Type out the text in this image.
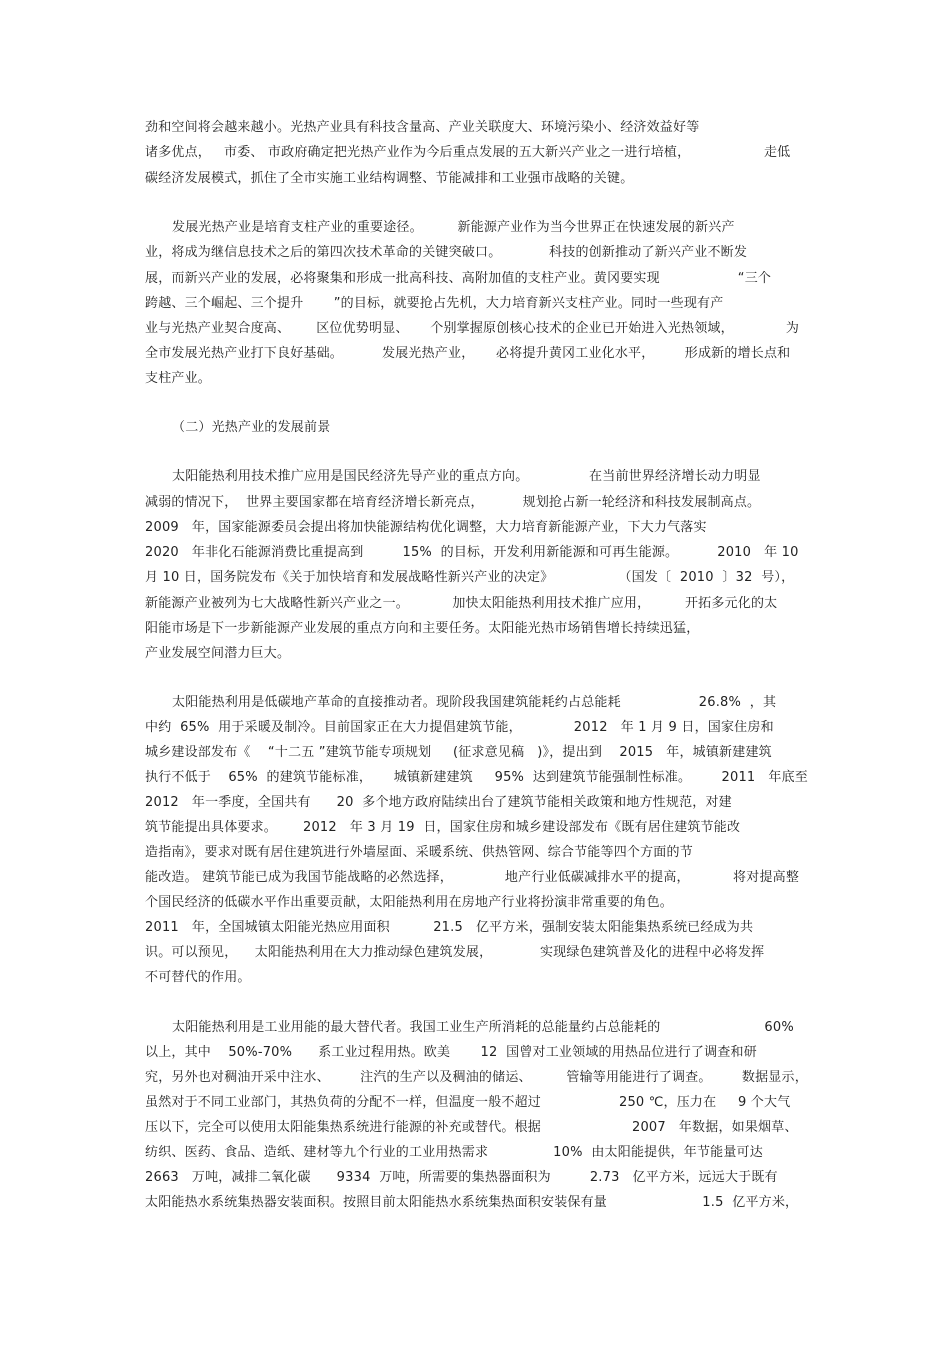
劲和空间将会越来越小。光热产业具有科技含量高、产业关联度大、环境污染小、经济效益好等
诸多优点，   市委、 市政府确定把光热产业作为今后重点发展的五大新兴产业之一进行培植，                 走低
碳经济发展模式，抓住了全市实施工业结构调整、节能减排和工业强市战略的关键。
发展光热产业是培育支柱产业的重要途径。        新能源产业作为当今世界正在快速发展的新兴产
业，将成为继信息技术之后的第四次技术革命的关键突破口。           科技的创新推动了新兴产业不断发
展，而新兴产业的发展，必将聚集和形成一批高科技、高附加值的支柱产业。黄冈要实现                  “三个
跨越、三个崛起、三个提升       ”的目标，就要抢占先机，大力培育新兴支柱产业。同时一些现有产
业与光热产业契合度高、      区位优势明显、     个别掌握原创核心技术的企业已开始进入光热领域，            为
全市发展光热产业打下良好基础。         发展光热产业，     必将提升黄冈工业化水平，       形成新的增长点和
支柱产业。
（二）光热产业的发展前景
太阳能热利用技术推广应用是国民经济先导产业的重点方向。              在当前世界经济增长动力明显
减弱的情况下，  世界主要国家都在培育经济增长新亮点，         规划抢占新一轮经济和科技发展制高点。
2009   年，国家能源委员会提出将加快能源结构优化调整，大力培育新能源产业，下大力气落实
2020   年非化石能源消费比重提高到         15%  的目标，开发利用新能源和可再生能源。         2010   年 10
月 10 日，国务院发布《关于加快培育和发展战略性新兴产业的决定》               （国发〔  2010  〕32  号），
新能源产业被列为七大战略性新兴产业之一。          加快太阳能热利用技术推广应用，        开拓多元化的太
阳能市场是下一步新能源产业发展的重点方向和主要任务。太阳能光热市场销售增长持续迅猛，
产业发展空间潜力巨大。
太阳能热利用是低碳地产革命的直接推动者。现阶段我国建筑能耗约占总能耗                  26.8%  ，其
中约  65%  用于采暖及制冷。目前国家正在大力提倡建筑节能，            2012   年 1 月 9 日，国家住房和
城乡建设部发布《    “十二五 ”建筑节能专项规划     (征求意见稿   )》，提出到    2015   年，城镇新建建筑
执行不低于    65%  的建筑节能标准，     城镇新建建筑     95%  达到建筑节能强制性标准。       2011   年底至
2012   年一季度，全国共有      20  多个地方政府陆续出台了建筑节能相关政策和地方性规范，对建
筑节能提出具体要求。      2012   年 3 月 19  日，国家住房和城乡建设部发布《既有居住建筑节能改
造指南》，要求对既有居住建筑进行外墙屋面、采暖系统、供热管网、综合节能等四个方面的节
能改造。 建筑节能已成为我国节能战略的必然选择，            地产行业低碳减排水平的提高，          将对提高整
个国民经济的低碳水平作出重要贡献，太阳能热利用在房地产行业将扮演非常重要的角色。
2011   年，全国城镇太阳能光热应用面积          21.5   亿平方米，强制安装太阳能集热系统已经成为共
识。可以预见，    太阳能热利用在大力推动绿色建筑发展，           实现绿色建筑普及化的进程中必将发挥
不可替代的作用。
太阳能热利用是工业用能的最大替代者。我国工业生产所消耗的总能量约占总能耗的                        60%
以上，其中    50%-70%      系工业过程用热。欧美       12  国曾对工业领域的用热品位进行了调查和研
究，另外也对稠油开采中注水、       注汽的生产以及稠油的储运、        管输等用能进行了调查。       数据显示，
虽然对于不同工业部门，其热负荷的分配不一样，但温度一般不超过                  250 ℃，压力在     9 个大气
压以下，完全可以使用太阳能集热系统进行能源的补充或替代。根据                     2007   年数据，如果烟草、
纺织、医药、食品、造纸、建材等九个行业的工业用热需求               10%  由太阳能提供，年节能量可达
2663   万吨，减排二氧化碳      9334  万吨，所需要的集热器面积为         2.73   亿平方米，远远大于既有
太阳能热水系统集热器安装面积。按照目前太阳能热水系统集热面积安装保有量                      1.5  亿平方米，
